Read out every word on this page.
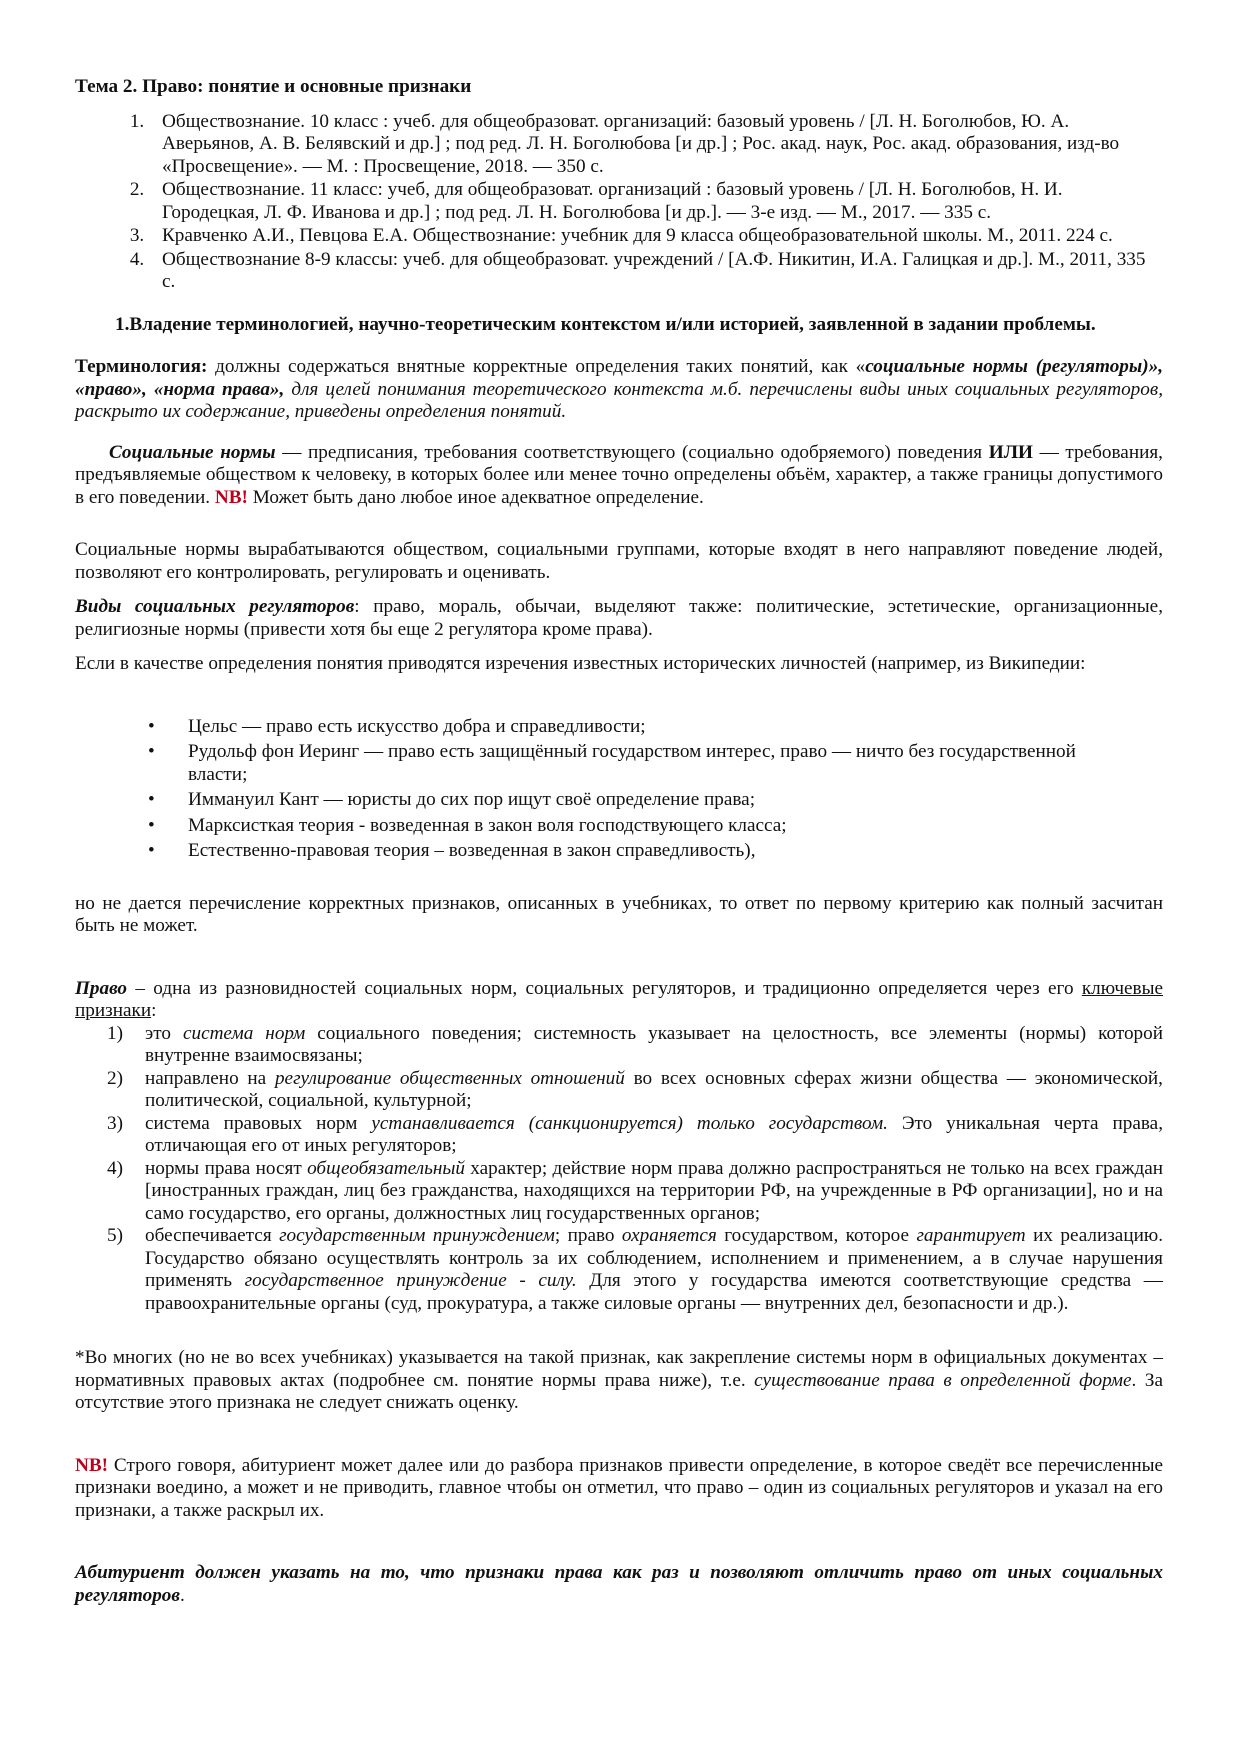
Тема 2. Право: понятие и основные признаки
1. Обществознание. 10 класс : учеб. для общеобразоват. организаций: базовый уровень / [Л. Н. Боголюбов, Ю. А. Аверьянов, А. В. Белявский и др.] ; под ред. Л. Н. Боголюбова [и др.] ; Рос. акад. наук, Рос. акад. образования, изд-во «Просвещение». — М. : Просвещение, 2018. — 350 с.
2. Обществознание. 11 класс: учеб, для общеобразоват. организаций : базовый уровень / [Л. Н. Боголюбов, Н. И. Городецкая, Л. Ф. Иванова и др.] ; под ред. Л. Н. Боголюбова [и др.]. — 3-е изд. — М., 2017. — 335 с.
3. Кравченко А.И., Певцова Е.А. Обществознание: учебник для 9 класса общеобразовательной школы. М., 2011. 224 с.
4. Обществознание 8-9 классы: учеб. для общеобразоват. учреждений / [А.Ф. Никитин, И.А. Галицкая и др.]. М., 2011, 335 с.
1.Владение терминологией, научно-теоретическим контекстом и/или историей, заявленной в задании проблемы.

Терминология: должны содержаться внятные корректные определения таких понятий, как «социальные нормы (регуляторы)», «право», «норма права», для целей понимания теоретического контекста м.б. перечислены виды иных социальных регуляторов, раскрыто их содержание, приведены определения понятий.

Социальные нормы — предписания, требования соответствующего (социально одобряемого) поведения ИЛИ — требования, предъявляемые обществом к человеку, в которых более или менее точно определены объём, характер, а также границы допустимого в его поведении. NB! Может быть дано любое иное адекватное определение.

Социальные нормы вырабатываются обществом, социальными группами, которые входят в него направляют поведение людей, позволяют его контролировать, регулировать и оценивать.

Виды социальных регуляторов: право, мораль, обычаи, выделяют также: политические, эстетические, организационные, религиозные нормы (привести хотя бы еще 2 регулятора кроме права).

Если в качестве определения понятия приводятся изречения известных исторических личностей (например, из Википедии:

• Цельс — право есть искусство добра и справедливости;
• Рудольф фон Иеринг — право есть защищённый государством интерес, право — ничто без государственной власти;
• Иммануил Кант — юристы до сих пор ищут своё определение права;
• Марксисткая теория - возведенная в закон воля господствующего класса;
• Естественно-правовая теория – возведенная в закон справедливость),

но не дается перечисление корректных признаков, описанных в учебниках, то ответ по первому критерию как полный засчитан быть не может.

Право – одна из разновидностей социальных норм, социальных регуляторов, и традиционно определяется через его ключевые признаки:

1) это система норм социального поведения; системность указывает на целостность, все элементы (нормы) которой внутренне взаимосвязаны;
2) направлено на регулирование общественных отношений во всех основных сферах жизни общества — экономической, политической, социальной, культурной;
3) система правовых норм устанавливается (санкционируется) только государством. Это уникальная черта права, отличающая его от иных регуляторов;
4) нормы права носят общеобязательный характер; действие норм права должно распространяться не только на всех граждан [иностранных граждан, лиц без гражданства, находящихся на территории РФ, на учрежденные в РФ организации], но и на само государство, его органы, должностных лиц государственных органов;
5) обеспечивается государственным принуждением; право охраняется государством, которое гарантирует их реализацию. Государство обязано осуществлять контроль за их соблюдением, исполнением и применением, а в случае нарушения применять государственное принуждение - силу. Для этого у государства имеются соответствующие средства — правоохранительные органы (суд, прокуратура, а также силовые органы — внутренних дел, безопасности и др.).

*Во многих (но не во всех учебниках) указывается на такой признак, как закрепление системы норм в официальных документах – нормативных правовых актах (подробнее см. понятие нормы права ниже), т.е. существование права в определенной форме. За отсутствие этого признака не следует снижать оценку.

NB! Строго говоря, абитуриент может далее или до разбора признаков привести определение, в которое сведёт все перечисленные признаки воедино, а может и не приводить, главное чтобы он отметил, что право – один из социальных регуляторов и указал на его признаки, а также раскрыл их.

Абитуриент должен указать на то, что признаки права как раз и позволяют отличить право от иных социальных регуляторов.
